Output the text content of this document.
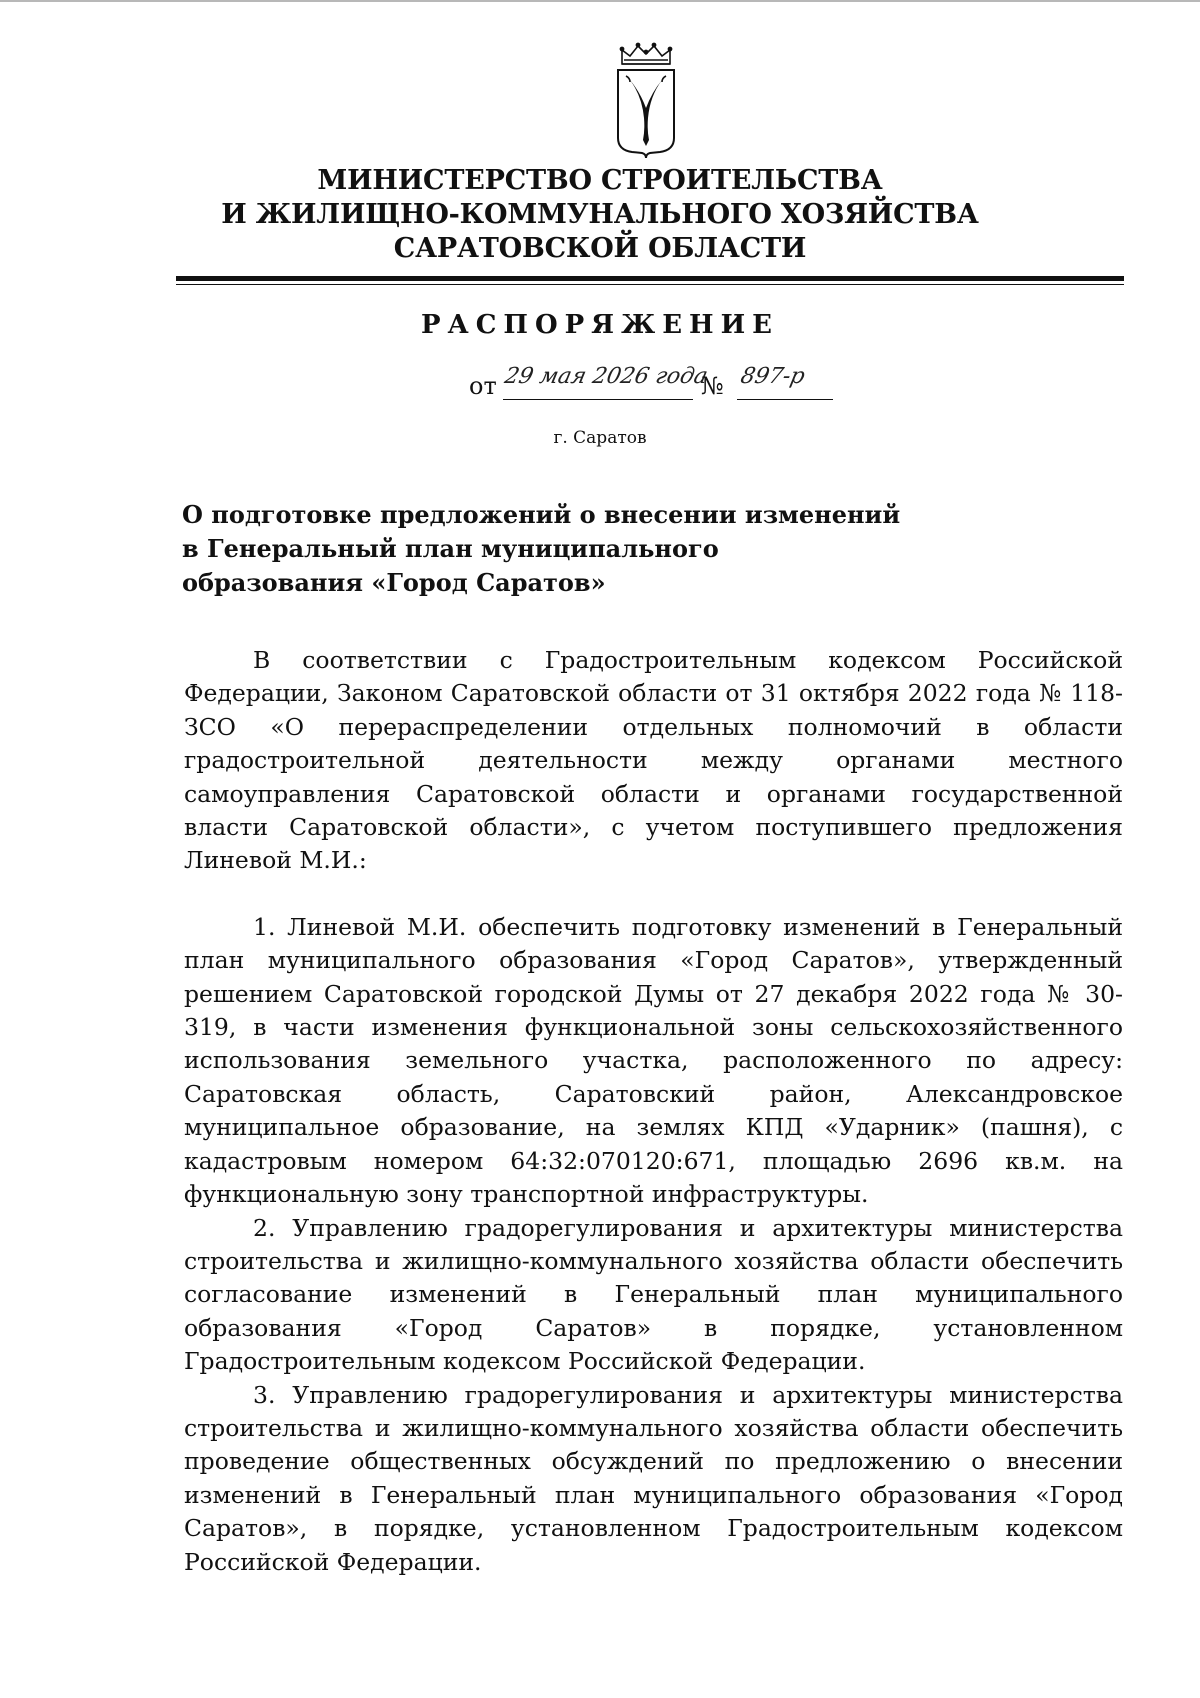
МИНИСТЕРСТВО СТРОИТЕЛЬСТВА
И ЖИЛИЩНО-КОММУНАЛЬНОГО ХОЗЯЙСТВА
САРАТОВСКОЙ ОБЛАСТИ
РАСПОРЯЖЕНИЕ
от 29 мая 2026 года
№ 897-р
г. Саратов
О подготовке предложений о внесении изменений
в Генеральный план муниципального
образования «Город Саратов»

В соответствии с Градостроительным кодексом Российской Федерации, Законом Саратовской области от 31 октября 2022 года № 118-ЗСО «О перераспределении отдельных полномочий в области градостроительной деятельности между органами местного самоуправления Саратовской области и органами государственной власти Саратовской области», с учетом поступившего предложения Линевой М.И.:

1. Линевой М.И. обеспечить подготовку изменений в Генеральный план муниципального образования «Город Саратов», утвержденный решением Саратовской городской Думы от 27 декабря 2022 года № 30-319, в части изменения функциональной зоны сельскохозяйственного использования земельного участка, расположенного по адресу: Саратовская область, Саратовский район, Александровское муниципальное образование, на землях КПД «Ударник» (пашня), с кадастровым номером 64:32:070120:671, площадью 2696 кв.м. на функциональную зону транспортной инфраструктуры.

2. Управлению градорегулирования и архитектуры министерства строительства и жилищно-коммунального хозяйства области обеспечить согласование изменений в Генеральный план муниципального образования «Город Саратов» в порядке, установленном Градостроительным кодексом Российской Федерации.

3. Управлению градорегулирования и архитектуры министерства строительства и жилищно-коммунального хозяйства области обеспечить проведение общественных обсуждений по предложению о внесении изменений в Генеральный план муниципального образования «Город Саратов», в порядке, установленном Градостроительным кодексом Российской Федерации.
